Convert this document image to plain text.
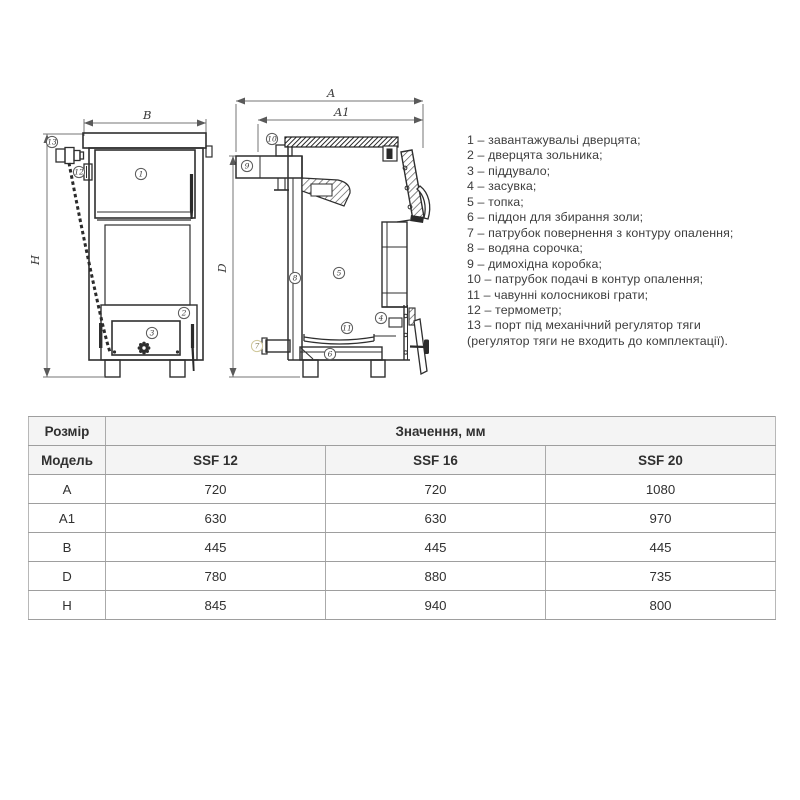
B
H
13
12	1
2
3
A
A1
D
10
9
8
5
4
11
6
7
1 – завантажувальі дверцята;
2 – дверцята зольника;
3 – піддувало;
4 – засувка;
5 – топка;
6 – піддон для збирання золи;
7 – патрубок повернення з контуру опалення;
8 – водяна сорочка;
9 – димохідна коробка;
10 – патрубок подачі в контур опалення;
11 – чавунні колосникові грати;
12 – термометр;
13 – порт під механічний регулятор тяги
(регулятор тяги не входить до комплектації).
Розмір	Значення, мм		
Модель	SSF 12	SSF 16	SSF 20
A	720	720	1080
A1	630	630	970
B	445	445	445
D	780	880	735
H	845	940	800
